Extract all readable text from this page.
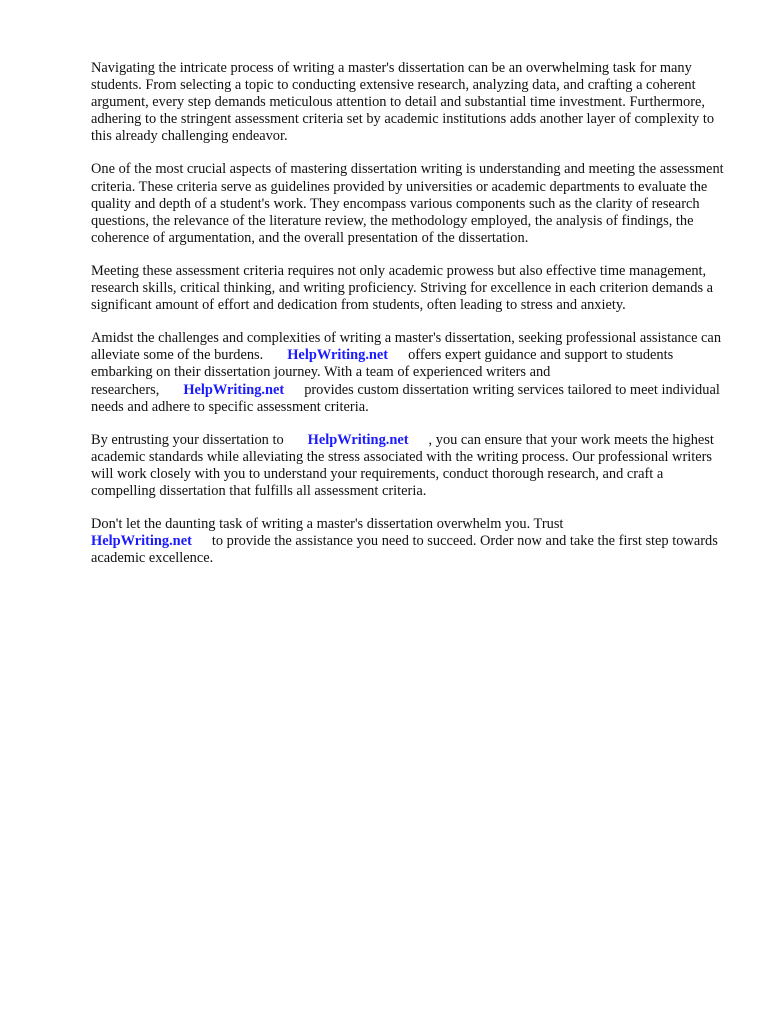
Navigating the intricate process of writing a master's dissertation can be an overwhelming task for many students. From selecting a topic to conducting extensive research, analyzing data, and crafting a coherent argument, every step demands meticulous attention to detail and substantial time investment. Furthermore, adhering to the stringent assessment criteria set by academic institutions adds another layer of complexity to this already challenging endeavor.

One of the most crucial aspects of mastering dissertation writing is understanding and meeting the assessment criteria. These criteria serve as guidelines provided by universities or academic departments to evaluate the quality and depth of a student's work. They encompass various components such as the clarity of research questions, the relevance of the literature review, the methodology employed, the analysis of findings, the coherence of argumentation, and the overall presentation of the dissertation.

Meeting these assessment criteria requires not only academic prowess but also effective time management, research skills, critical thinking, and writing proficiency. Striving for excellence in each criterion demands a significant amount of effort and dedication from students, often leading to stress and anxiety.

Amidst the challenges and complexities of writing a master's dissertation, seeking professional assistance can alleviate some of the burdens. HelpWriting.net offers expert guidance and support to students embarking on their dissertation journey. With a team of experienced writers and researchers, HelpWriting.net provides custom dissertation writing services tailored to meet individual needs and adhere to specific assessment criteria.

By entrusting your dissertation to HelpWriting.net , you can ensure that your work meets the highest academic standards while alleviating the stress associated with the writing process. Our professional writers will work closely with you to understand your requirements, conduct thorough research, and craft a compelling dissertation that fulfills all assessment criteria.

Don't let the daunting task of writing a master's dissertation overwhelm you. Trust
HelpWriting.net to provide the assistance you need to succeed. Order now and take the first step towards academic excellence.
